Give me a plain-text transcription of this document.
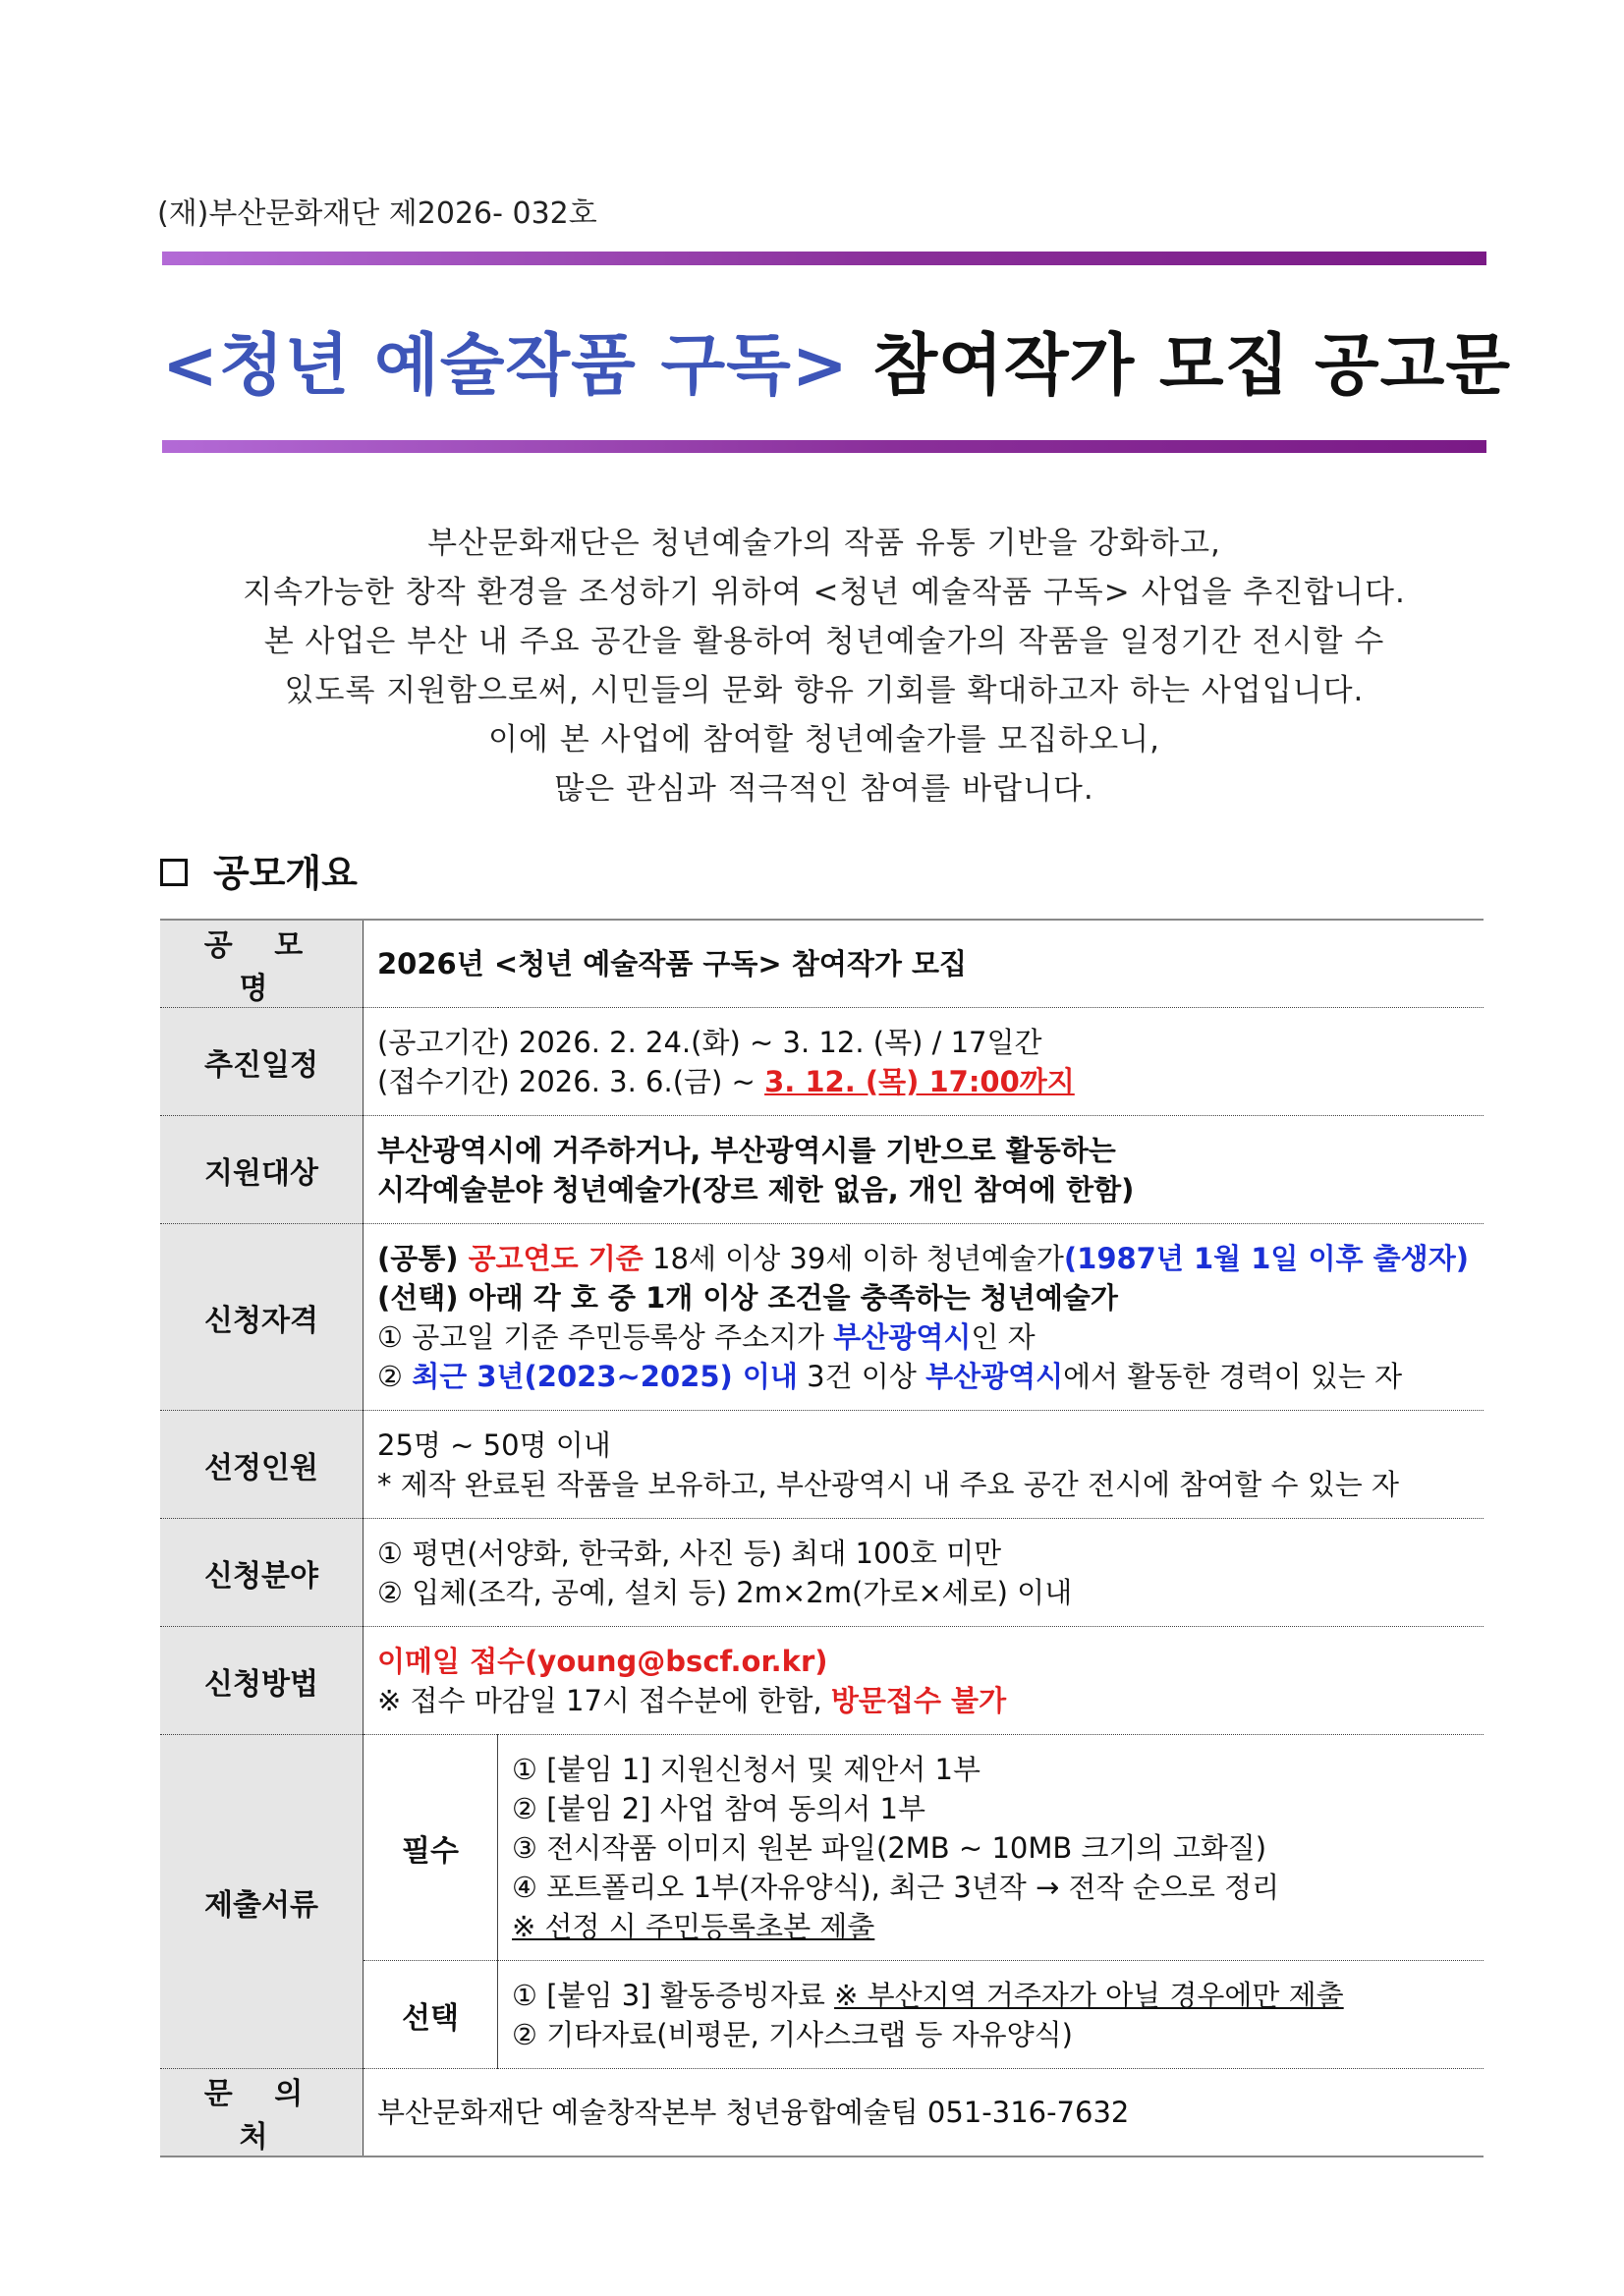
(재)부산문화재단 제2026- 032호
<청년 예술작품 구독> 참여작가 모집 공고문
부산문화재단은 청년예술가의 작품 유통 기반을 강화하고,
지속가능한 창작 환경을 조성하기 위하여 <청년 예술작품 구독> 사업을 추진합니다.
본 사업은 부산 내 주요 공간을 활용하여 청년예술가의 작품을 일정기간 전시할 수
있도록 지원함으로써, 시민들의 문화 향유 기회를 확대하고자 하는 사업입니다.
이에 본 사업에 참여할 청년예술가를 모집하오니,
많은 관심과 적극적인 참여를 바랍니다.
공모개요
공 모 명	2026년 <청년 예술작품 구독> 참여작가 모집	

추진일정	(공고기간) 2026. 2. 24.(화) ~ 3. 12. (목) / 17일간
(접수기간) 2026. 3. 6.(금) ~ 3. 12. (목) 17:00까지	

지원대상	부산광역시에 거주하거나, 부산광역시를 기반으로 활동하는
시각예술분야 청년예술가(장르 제한 없음, 개인 참여에 한함)	

신청자격	(공통) 공고연도 기준 18세 이상 39세 이하 청년예술가(1987년 1월 1일 이후 출생자)
(선택) 아래 각 호 중 1개 이상 조건을 충족하는 청년예술가
① 공고일 기준 주민등록상 주소지가 부산광역시인 자
② 최근 3년(2023~2025) 이내 3건 이상 부산광역시에서 활동한 경력이 있는 자	

선정인원	25명 ~ 50명 이내
* 제작 완료된 작품을 보유하고, 부산광역시 내 주요 공간 전시에 참여할 수 있는 자	

신청분야	① 평면(서양화, 한국화, 사진 등) 최대 100호 미만
② 입체(조각, 공예, 설치 등) 2m×2m(가로×세로) 이내	

신청방법	이메일 접수(young@bscf.or.kr)
※ 접수 마감일 17시 접수분에 한함, 방문접수 불가	

제출서류	필수	① [붙임 1] 지원신청서 및 제안서 1부
② [붙임 2] 사업 참여 동의서 1부
③ 전시작품 이미지 원본 파일(2MB ~ 10MB 크기의 고화질)
④ 포트폴리오 1부(자유양식), 최근 3년작 → 전작 순으로 정리
※ 선정 시 주민등록초본 제출

	선택	① [붙임 3] 활동증빙자료 ※ 부산지역 거주자가 아닐 경우에만 제출
② 기타자료(비평문, 기사스크랩 등 자유양식)

문 의 처	부산문화재단 예술창작본부 청년융합예술팀 051-316-7632	
